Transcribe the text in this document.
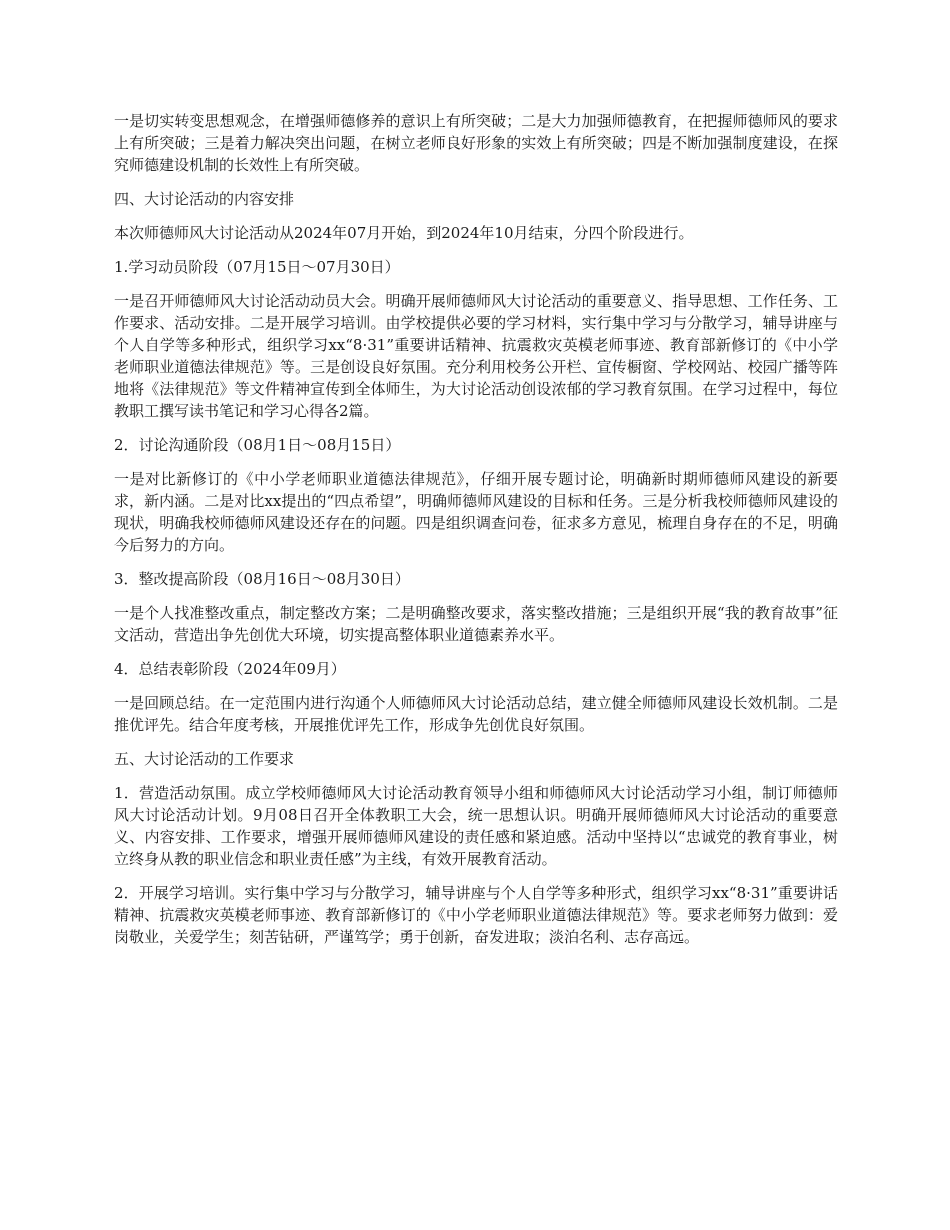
一是切实转变思想观念，在增强师德修养的意识上有所突破；二是大力加强师德教育，在把握师德师风的要求上有所突破；三是着力解决突出问题，在树立老师良好形象的实效上有所突破；四是不断加强制度建设，在探究师德建设机制的长效性上有所突破。

四、大讨论活动的内容安排

本次师德师风大讨论活动从2024年07月开始，到2024年10月结束，分四个阶段进行。

1.学习动员阶段（07月15日～07月30日）

一是召开师德师风大讨论活动动员大会。明确开展师德师风大讨论活动的重要意义、指导思想、工作任务、工作要求、活动安排。二是开展学习培训。由学校提供必要的学习材料，实行集中学习与分散学习，辅导讲座与个人自学等多种形式，组织学习xx“8·31”重要讲话精神、抗震救灾英模老师事迹、教育部新修订的《中小学老师职业道德法律规范》等。三是创设良好氛围。充分利用校务公开栏、宣传橱窗、学校网站、校园广播等阵地将《法律规范》等文件精神宣传到全体师生，为大讨论活动创设浓郁的学习教育氛围。在学习过程中，每位教职工撰写读书笔记和学习心得各2篇。

2．讨论沟通阶段（08月1日～08月15日）

一是对比新修订的《中小学老师职业道德法律规范》，仔细开展专题讨论，明确新时期师德师风建设的新要求，新内涵。二是对比xx提出的“四点希望”，明确师德师风建设的目标和任务。三是分析我校师德师风建设的现状，明确我校师德师风建设还存在的问题。四是组织调查问卷，征求多方意见，梳理自身存在的不足，明确今后努力的方向。

3．整改提高阶段（08月16日～08月30日）

一是个人找准整改重点，制定整改方案；二是明确整改要求，落实整改措施；三是组织开展“我的教育故事”征文活动，营造出争先创优大环境，切实提高整体职业道德素养水平。

4．总结表彰阶段（2024年09月）

一是回顾总结。在一定范围内进行沟通个人师德师风大讨论活动总结，建立健全师德师风建设长效机制。二是推优评先。结合年度考核，开展推优评先工作，形成争先创优良好氛围。

五、大讨论活动的工作要求

1．营造活动氛围。成立学校师德师风大讨论活动教育领导小组和师德师风大讨论活动学习小组，制订师德师风大讨论活动计划。9月08日召开全体教职工大会，统一思想认识。明确开展师德师风大讨论活动的重要意义、内容安排、工作要求，增强开展师德师风建设的责任感和紧迫感。活动中坚持以“忠诚党的教育事业，树立终身从教的职业信念和职业责任感”为主线，有效开展教育活动。

2．开展学习培训。实行集中学习与分散学习，辅导讲座与个人自学等多种形式，组织学习xx“8·31”重要讲话精神、抗震救灾英模老师事迹、教育部新修订的《中小学老师职业道德法律规范》等。要求老师努力做到：爱岗敬业，关爱学生；刻苦钻研，严谨笃学；勇于创新，奋发进取；淡泊名利、志存高远。
